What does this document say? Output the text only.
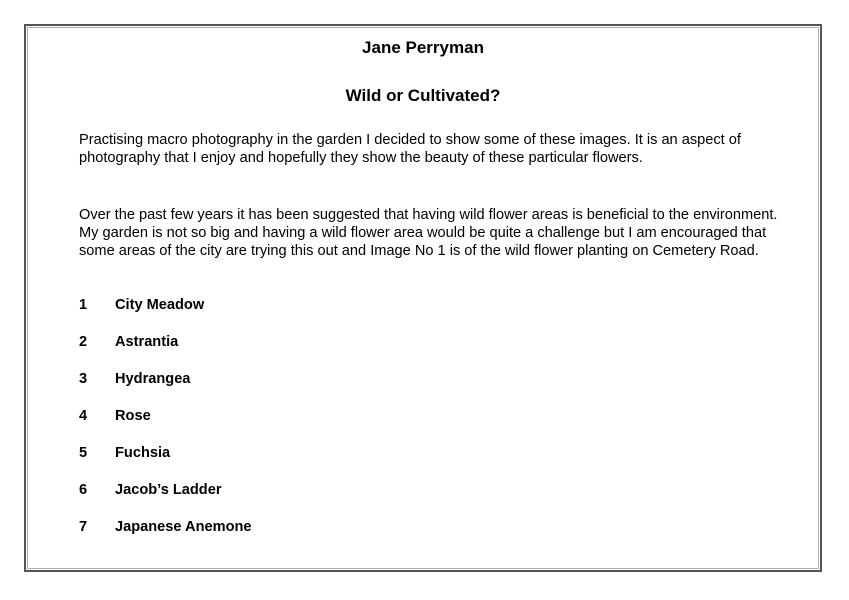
Jane Perryman
Wild or Cultivated?

Practising macro photography in the garden I decided to show some of these images. It is an aspect of photography that I enjoy and hopefully they show the beauty of these particular flowers.

Over the past few years it has been suggested that having wild flower areas is beneficial to the environment. My garden is not so big and having a wild flower area would be quite a challenge but I am encouraged that some areas of the city are trying this out and Image No 1 is of the wild flower planting on Cemetery Road.

1 City Meadow
2 Astrantia
3 Hydrangea
4 Rose
5 Fuchsia
6 Jacob’s Ladder
7 Japanese Anemone
